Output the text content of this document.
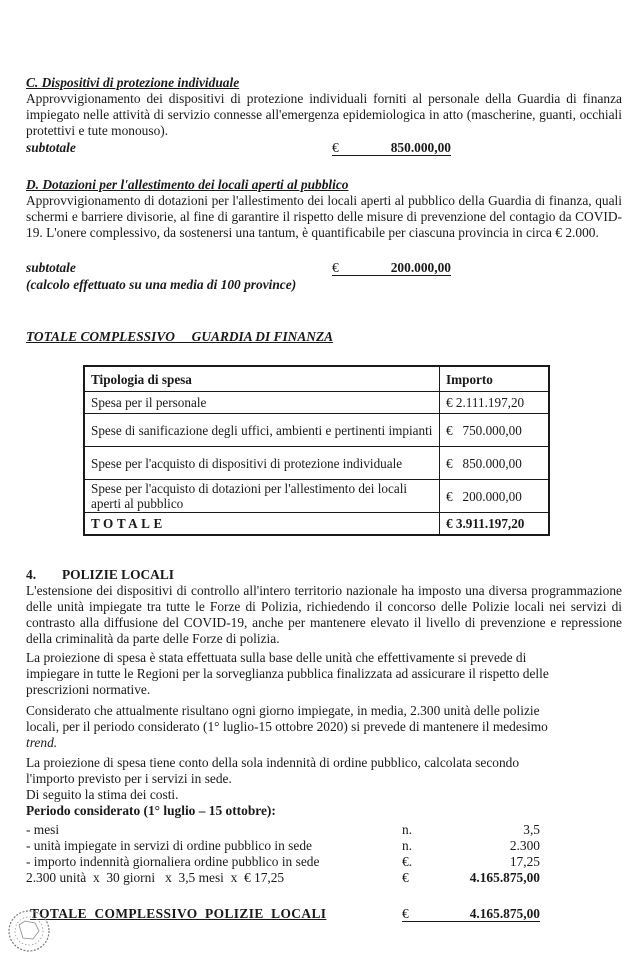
C. Dispositivi di protezione individuale
Approvvigionamento dei dispositivi di protezione individuali forniti al personale della Guardia di finanza impiegato nelle attività di servizio connesse all'emergenza epidemiologica in atto (mascherine, guanti, occhiali protettivi e tute monouso).
subtotale	€	850.000,00
D. Dotazioni per l'allestimento dei locali aperti al pubblico
Approvvigionamento di dotazioni per l'allestimento dei locali aperti al pubblico della Guardia di finanza, quali schermi e barriere divisorie, al fine di garantire il rispetto delle misure di prevenzione del contagio da COVID-19. L'onere complessivo, da sostenersi una tantum, è quantificabile per ciascuna provincia in circa € 2.000.
subtotale	€	200.000,00
(calcolo effettuato su una media di 100 province)
TOTALE COMPLESSIVO     GUARDIA DI FINANZA
Tipologia di spesa	Importo
Spesa per il personale	€ 2.111.197,20
Spese di sanificazione degli uffici, ambienti e pertinenti impianti	€   750.000,00
Spese per l'acquisto di dispositivi di protezione individuale	€   850.000,00
Spese per l'acquisto di dotazioni per l'allestimento dei locali aperti al pubblico	€   200.000,00
TOTALE	€ 3.911.197,20
4. POLIZIE LOCALI
L'estensione dei dispositivi di controllo all'intero territorio nazionale ha imposto una diversa programmazione delle unità impiegate tra tutte le Forze di Polizia, richiedendo il concorso delle Polizie locali nei servizi di contrasto alla diffusione del COVID-19, anche per mantenere elevato il livello di prevenzione e repressione della criminalità da parte delle Forze di polizia.
La proiezione di spesa è stata effettuata sulla base delle unità che effettivamente si prevede di
impiegare in tutte le Regioni per la sorveglianza pubblica finalizzata ad assicurare il rispetto delle
prescrizioni normative.
Considerato che attualmente risultano ogni giorno impiegate, in media, 2.300 unità delle polizie
locali, per il periodo considerato (1° luglio-15 ottobre 2020) si prevede di mantenere il medesimo
trend.
La proiezione di spesa tiene conto della sola indennità di ordine pubblico, calcolata secondo
l'importo previsto per i servizi in sede.
Di seguito la stima dei costi.
Periodo considerato (1° luglio – 15 ottobre):
- mesi	n.	3,5
- unità impiegate in servizi di ordine pubblico in sede	n.	2.300
- importo indennità giornaliera ordine pubblico in sede	€.	17,25
2.300 unità  x  30 giorni   x  3,5 mesi  x  € 17,25	€	4.165.875,00
TOTALE  COMPLESSIVO  POLIZIE  LOCALI	€	4.165.875,00
